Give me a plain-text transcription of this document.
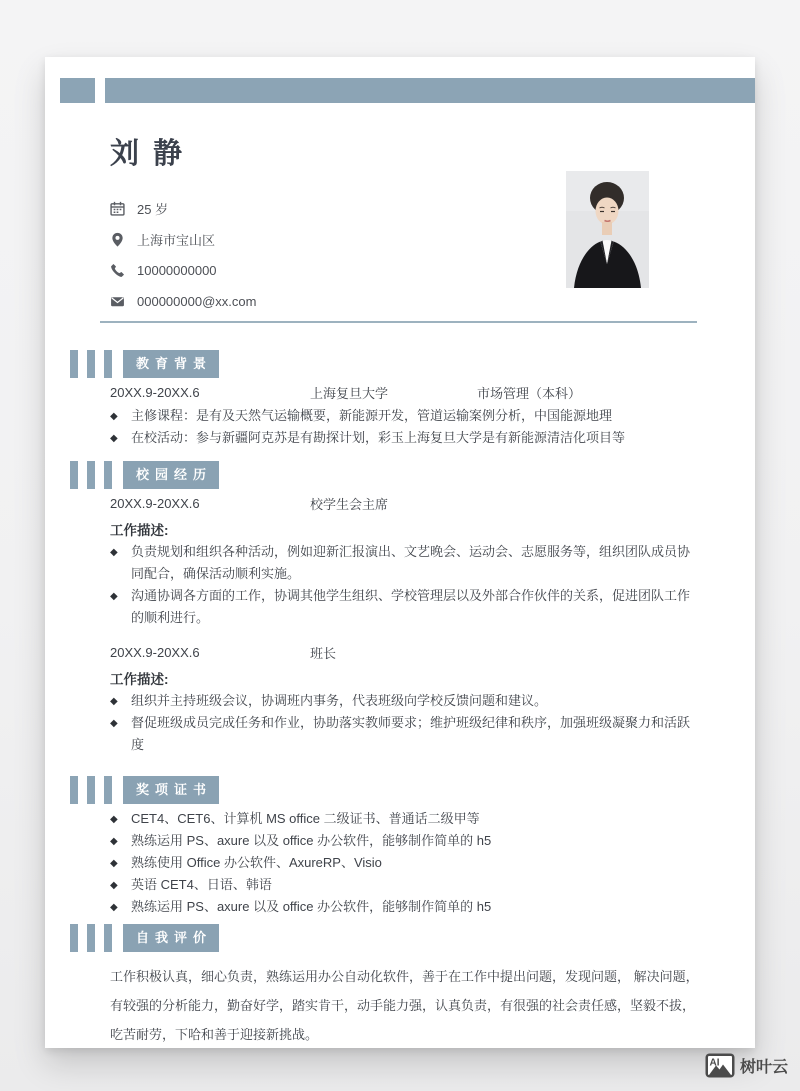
刘 静
25 岁
上海市宝山区
10000000000
000000000@xx.com
教育背景
20XX.9-20XX.6	上海复旦大学	市场管理（本科）
◆	主修课程：是有及天然气运输概要，新能源开发，管道运输案例分析，中国能源地理
◆	在校活动：参与新疆阿克苏是有勘探计划，彩玉上海复旦大学是有新能源清洁化项目等
校园经历
20XX.9-20XX.6	校学生会主席
工作描述:
◆	负责规划和组织各种活动，例如迎新汇报演出、文艺晚会、运动会、志愿服务等，组织团队成员协同配合，确保活动顺利实施。
◆	沟通协调各方面的工作，协调其他学生组织、学校管理层以及外部合作伙伴的关系，促进团队工作的顺利进行。
20XX.9-20XX.6	班长
工作描述:
◆	组织并主持班级会议，协调班内事务，代表班级向学校反馈问题和建议。
◆	督促班级成员完成任务和作业，协助落实教师要求；维护班级纪律和秩序，加强班级凝聚力和活跃度
奖项证书
◆	CET4、CET6、计算机 MS office 二级证书、普通话二级甲等
◆	熟练运用 PS、axure 以及 office 办公软件，能够制作简单的 h5
◆	熟练使用 Office 办公软件、AxureRP、Visio
◆	英语 CET4、日语、韩语
◆	熟练运用 PS、axure 以及 office 办公软件，能够制作简单的 h5
自我评价

工作积极认真，细心负责，熟练运用办公自动化软件，善于在工作中提出问题，发现问题， 解决问题，有较强的分析能力，勤奋好学，踏实肯干，动手能力强，认真负责，有很强的社会责任感，坚毅不拔，吃苦耐劳，下哈和善于迎接新挑战。

AI 树叶云
